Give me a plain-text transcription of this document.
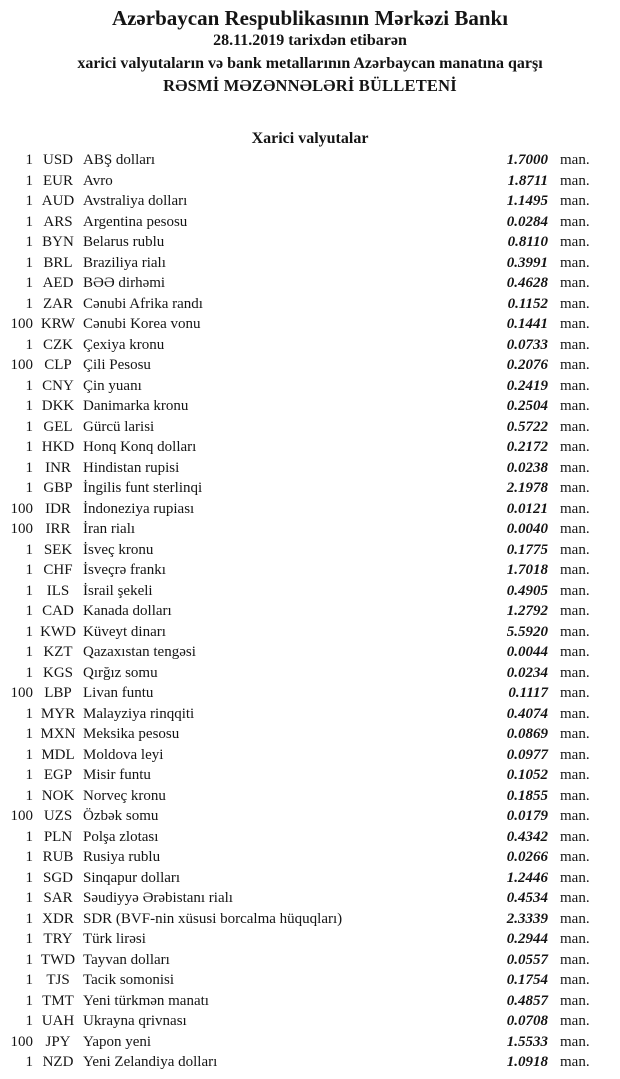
Azərbaycan Respublikasının Mərkəzi Bankı
28.11.2019 tarixdən etibarən
xarici valyutaların və bank metallarının Azərbaycan manatına qarşı
RƏSMİ MƏZƏNNƏLƏRİ BÜLLETENİ
Xarici valyutalar
1 USD ABŞ dolları	1.7000 man.
1 EUR Avro	1.8711 man.
1 AUD Avstraliya dolları	1.1495 man.
1 ARS Argentina pesosu	0.0284 man.
1 BYN Belarus rublu	0.8110 man.
1 BRL Braziliya rialı	0.3991 man.
1 AED BƏƏ dirhəmi	0.4628 man.
1 ZAR Cənubi Afrika randı	0.1152 man.
100 KRW Cənubi Korea vonu	0.1441 man.
1 CZK Çexiya kronu	0.0733 man.
100 CLP Çili Pesosu	0.2076 man.
1 CNY Çin yuanı	0.2419 man.
1 DKK Danimarka kronu	0.2504 man.
1 GEL Gürcü larisi	0.5722 man.
1 HKD Honq Konq dolları	0.2172 man.
1 INR Hindistan rupisi	0.0238 man.
1 GBP İngilis funt sterlinqi	2.1978 man.
100 IDR İndoneziya rupiası	0.0121 man.
100 IRR İran rialı	0.0040 man.
1 SEK İsveç kronu	0.1775 man.
1 CHF İsveçrə frankı	1.7018 man.
1 ILS İsrail şekeli	0.4905 man.
1 CAD Kanada dolları	1.2792 man.
1 KWD Küveyt dinarı	5.5920 man.
1 KZT Qazaxıstan tengəsi	0.0044 man.
1 KGS Qırğız somu	0.0234 man.
100 LBP Livan funtu	0.1117 man.
1 MYR Malayziya rinqqiti	0.4074 man.
1 MXN Meksika pesosu	0.0869 man.
1 MDL Moldova leyi	0.0977 man.
1 EGP Misir funtu	0.1052 man.
1 NOK Norveç kronu	0.1855 man.
100 UZS Özbək somu	0.0179 man.
1 PLN Polşa zlotası	0.4342 man.
1 RUB Rusiya rublu	0.0266 man.
1 SGD Sinqapur dolları	1.2446 man.
1 SAR Səudiyyə Ərəbistanı rialı	0.4534 man.
1 XDR SDR (BVF-nin xüsusi borcalma hüquqları)	2.3339 man.
1 TRY Türk lirəsi	0.2944 man.
1 TWD Tayvan dolları	0.0557 man.
1 TJS Tacik somonisi	0.1754 man.
1 TMT Yeni türkmən manatı	0.4857 man.
1 UAH Ukrayna qrivnası	0.0708 man.
100 JPY Yapon yeni	1.5533 man.
1 NZD Yeni Zelandiya dolları	1.0918 man.
